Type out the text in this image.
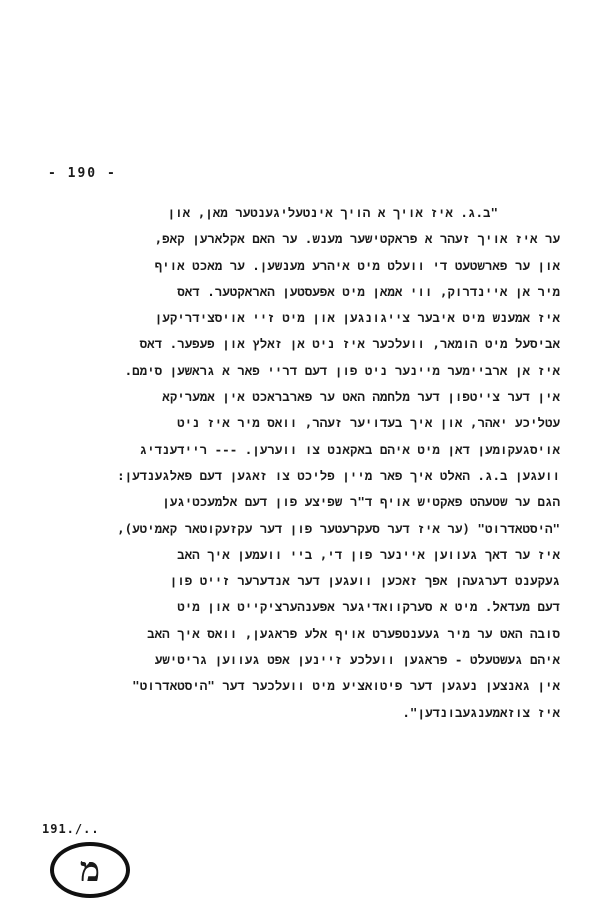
- 190 -
"ב.ג. איז אויך א הויך אינטעליגענטער מאן, און
ער איז אויך זעהר א פראקטישער מענש. ער האם אקלארען קאפ,
און ער פארשטעט די וועלט מיט איהרע מענשען. ער מאכט אויף
מיר אן איינדרוק, ווי אמאן מיט אפעסטען האראקטער. דאס
איז אמענש מיט איבער צייגונגען און מיט זיי אויסצידריקען
אביסעל מיט הומאר, וועלכער איז ניט אן זאלץ און פעפער. דאס
איז אן ארביימער מיינער ניט פון דעם דריי פאר א גראשען סימם.
אין דער צייטפון דער מלחמה האט ער פארבראכט אין אמעריקא
עטליכע יאהר, און איך בעדויער זעהר, וואס מיר איז ניט
אויסגעקומען דאן מיט איהם באקאנט צו ווערען. --- ריידענדיג
וועגען ב.ג. האלט איך פאר מיין פליכט צו זאגען דעם פאלגענדען:
הגם ער שטעהט פאקטיש אויף ד"ר שפיצע פון דעם אלמעכטיגען
"היסטאדרוט" (ער איז דער סעקרעטער פון דער עקזעקוטאר קאמיטע),
איז ער דאך געווען איינער פון די, ביי וועמען איך האב
געקענט דערגעהן אפך זאכען וועגען דער אנדערער זייט פון
דעם מעדאל. מיט א סערקוואדיגער אפענהערציקייט און מיט
סובה האט ער מיר געענטפערט אויף אלע פראגען, וואס איך האב
איהם געשטעלט - פראגען וועלכע זיינען אפט געווען גריטישע
אין גאנצען נעגען דער פיטואציע מיט וועלכער דער "היסטאדרוט"
איז צוזאמענגעבונדען".
191./..
מ
